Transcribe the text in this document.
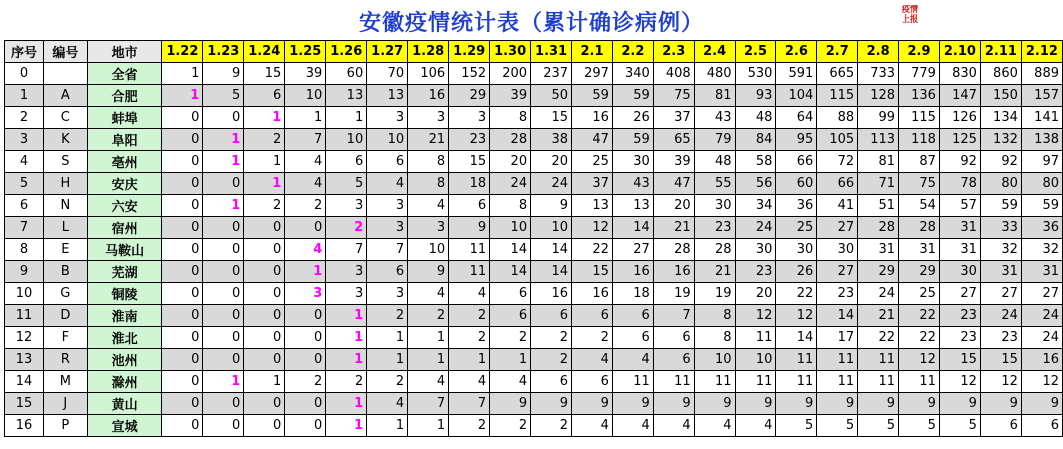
安徽疫情统计表（累计确诊病例）
疫情
上报
序号	编号	地市	1.22	1.23	1.24	1.25	1.26	1.27	1.28	1.29	1.30	1.31	2.1	2.2	2.3	2.4	2.5	2.6	2.7	2.8	2.9	2.10	2.11	2.12
0		全省	1	9	15	39	60	70	106	152	200	237	297	340	408	480	530	591	665	733	779	830	860	889
1	A	合肥	1	5	6	10	13	13	16	29	39	50	59	59	75	81	93	104	115	128	136	147	150	157
2	C	蚌埠	0	0	1	1	1	3	3	3	8	15	16	26	37	43	48	64	88	99	115	126	134	141
3	K	阜阳	0	1	2	7	10	10	21	23	28	38	47	59	65	79	84	95	105	113	118	125	132	138
4	S	亳州	0	1	1	4	6	6	8	15	20	20	25	30	39	48	58	66	72	81	87	92	92	97
5	H	安庆	0	0	1	4	5	4	8	18	24	24	37	43	47	55	56	60	66	71	75	78	80	80
6	N	六安	0	1	2	2	3	3	4	6	8	9	13	13	20	30	34	36	41	51	54	57	59	59
7	L	宿州	0	0	0	0	2	3	3	9	10	10	12	14	21	23	24	25	27	28	28	31	33	36
8	E	马鞍山	0	0	0	4	7	7	10	11	14	14	22	27	28	28	30	30	30	31	31	31	32	32
9	B	芜湖	0	0	0	1	3	6	9	11	14	14	15	16	16	21	23	26	27	29	29	30	31	31
10	G	铜陵	0	0	0	3	3	3	4	4	6	16	16	18	19	19	20	22	23	24	25	27	27	27
11	D	淮南	0	0	0	0	1	2	2	2	6	6	6	6	7	8	12	12	14	21	22	23	24	24
12	F	淮北	0	0	0	0	1	1	1	2	2	2	2	6	6	8	11	14	17	22	22	23	23	24
13	R	池州	0	0	0	0	1	1	1	1	1	2	4	4	6	10	10	11	11	11	12	15	15	16
14	M	滁州	0	1	1	2	2	2	4	4	4	6	6	11	11	11	11	11	11	11	11	12	12	12
15	J	黄山	0	0	0	0	1	4	7	7	9	9	9	9	9	9	9	9	9	9	9	9	9	9
16	P	宣城	0	0	0	0	1	1	1	2	2	2	4	4	4	4	4	5	5	5	5	5	6	6
